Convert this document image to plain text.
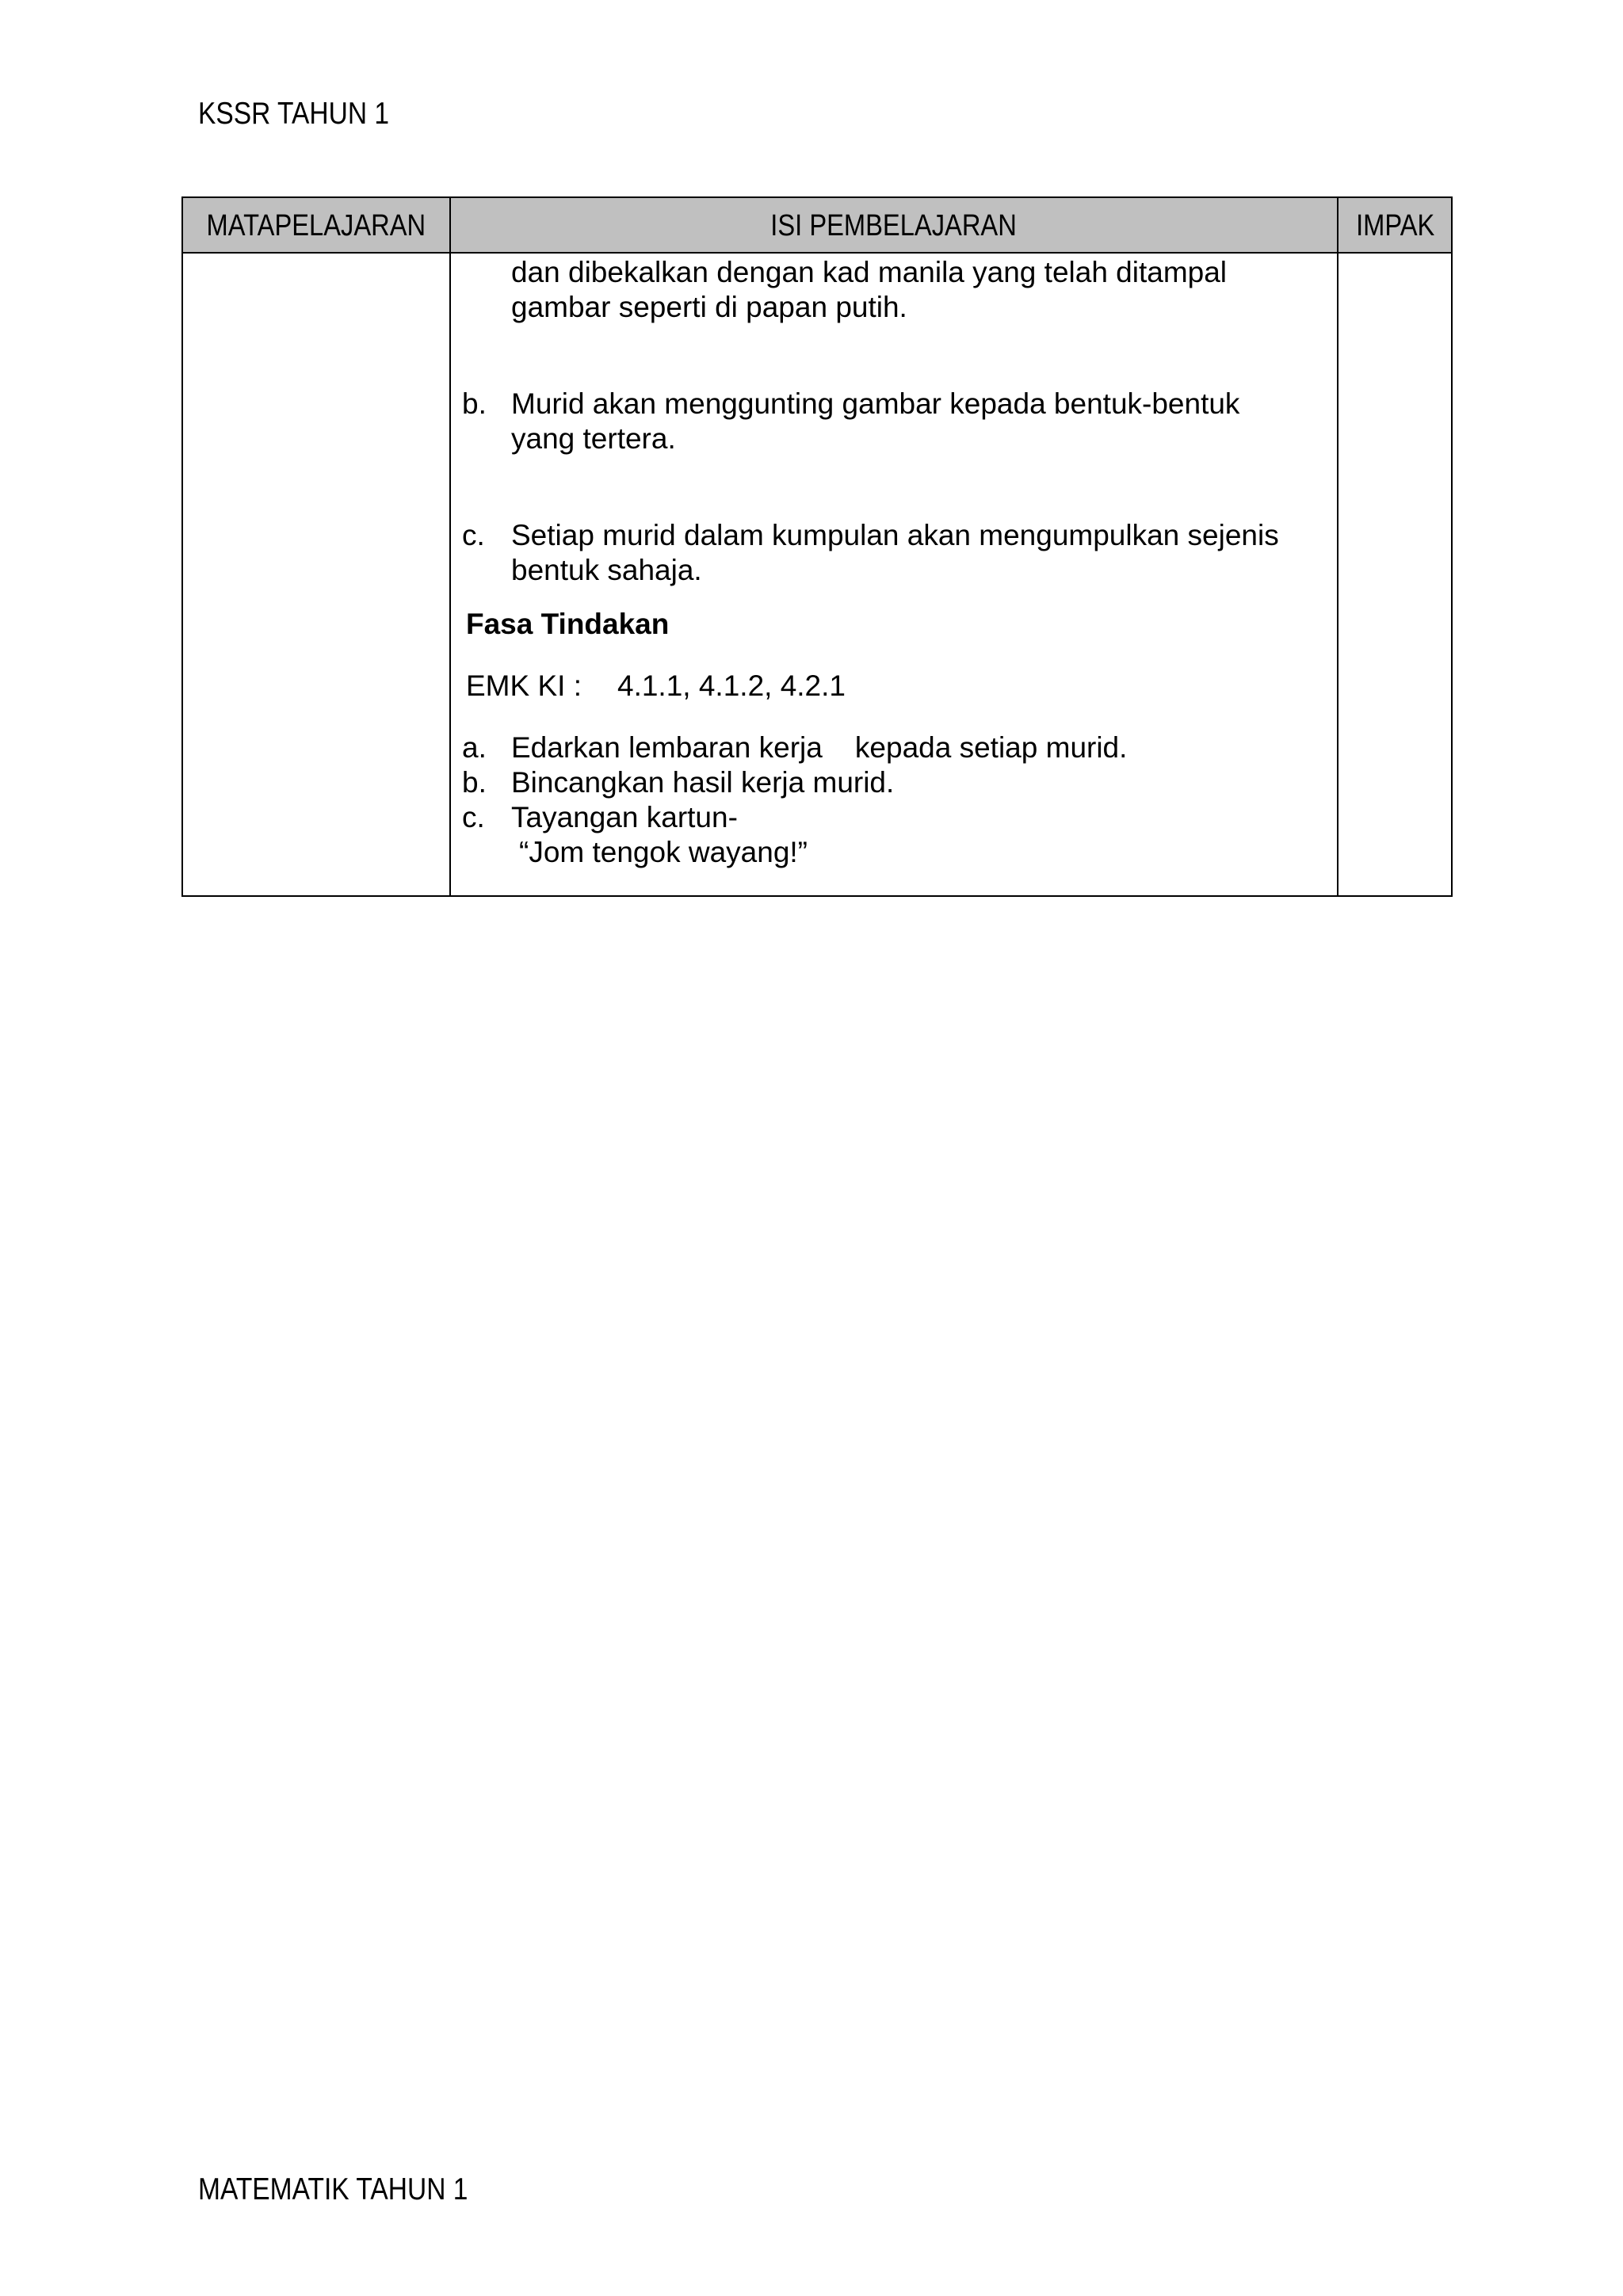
KSSR TAHUN 1
MATAPELAJARAN	ISI PEMBELAJARAN	IMPAK
dan dibekalkan dengan kad manila yang telah ditampal
gambar seperti di papan putih.
b. Murid akan menggunting gambar kepada bentuk-bentuk
yang tertera.
c. Setiap murid dalam kumpulan akan mengumpulkan sejenis
bentuk sahaja.
Fasa Tindakan
EMK KI : 4.1.1, 4.1.2, 4.2.1
a. Edarkan lembaran kerja    kepada setiap murid.
b. Bincangkan hasil kerja murid.
c. Tayangan kartun-
“Jom tengok wayang!”
MATEMATIK TAHUN 1
